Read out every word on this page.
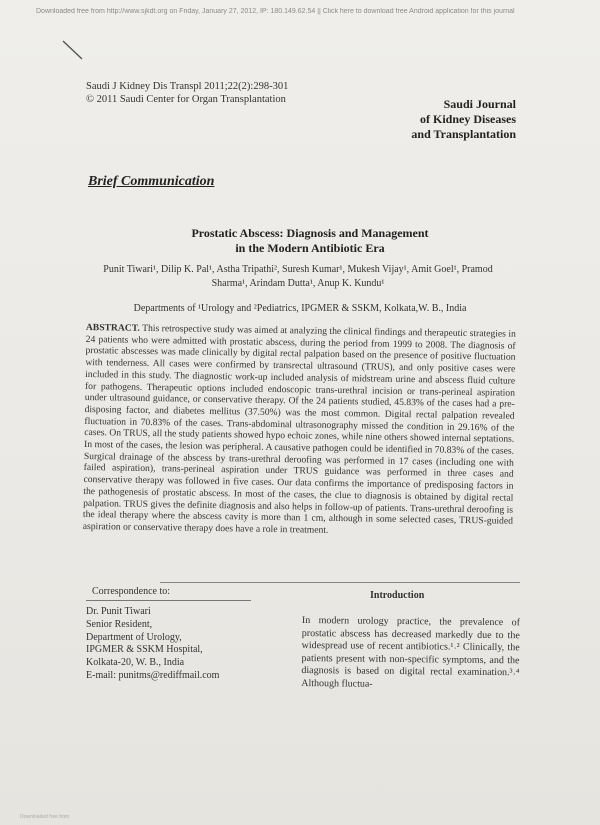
Downloaded free from http://www.sjkdt.org on Friday, January 27, 2012, IP: 180.149.62.54 || Click here to download free Android application for this journal
Saudi J Kidney Dis Transpl 2011;22(2):298-301
© 2011 Saudi Center for Organ Transplantation	Saudi Journal
of Kidney Diseases
and Transplantation
Brief Communication
Prostatic Abscess: Diagnosis and Management
in the Modern Antibiotic Era
Punit Tiwari¹, Dilip K. Pal¹, Astha Tripathi², Suresh Kumar¹, Mukesh Vijay¹, Amit Goel¹, Pramod
Sharma¹, Arindam Dutta¹, Anup K. Kundu¹
Departments of ¹Urology and ²Pediatrics, IPGMER & SSKM, Kolkata,W. B., India
ABSTRACT. This retrospective study was aimed at analyzing the clinical findings and therapeutic strategies in 24 patients who were admitted with prostatic abscess, during the period from 1999 to 2008. The diagnosis of prostatic abscesses was made clinically by digital rectal palpation based on the presence of positive fluctuation with tenderness. All cases were confirmed by transrectal ultrasound (TRUS), and only positive cases were included in this study. The diagnostic work-up included analysis of midstream urine and abscess fluid culture for pathogens. Therapeutic options included endoscopic trans-urethral incision or trans-perineal aspiration under ultrasound guidance, or conservative therapy. Of the 24 patients studied, 45.83% of the cases had a pre-disposing factor, and diabetes mellitus (37.50%) was the most common. Digital rectal palpation revealed fluctuation in 70.83% of the cases. Trans-abdominal ultrasonography missed the condition in 29.16% of the cases. On TRUS, all the study patients showed hypo echoic zones, while nine others showed internal septations. In most of the cases, the lesion was peripheral. A causative pathogen could be identified in 70.83% of the cases. Surgical drainage of the abscess by trans-urethral deroofing was performed in 17 cases (including one with failed aspiration), trans-perineal aspiration under TRUS guidance was performed in three cases and conservative therapy was followed in five cases. Our data confirms the importance of predisposing factors in the pathogenesis of prostatic abscess. In most of the cases, the clue to diagnosis is obtained by digital rectal palpation. TRUS gives the definite diagnosis and also helps in follow-up of patients. Trans-urethral deroofing is the ideal therapy where the abscess cavity is more than 1 cm, although in some selected cases, TRUS-guided aspiration or conservative therapy does have a role in treatment.
Correspondence to:
Dr. Punit Tiwari
Senior Resident,
Department of Urology,
IPGMER & SSKM Hospital,
Kolkata-20, W. B., India
E-mail: punitms@rediffmail.com
Introduction
In modern urology practice, the prevalence of prostatic abscess has decreased markedly due to the widespread use of recent antibiotics.¹˒² Clinically, the patients present with non-specific symptoms, and the diagnosis is based on digital rectal examination.³˒⁴ Although fluctua-
Downloaded free from
